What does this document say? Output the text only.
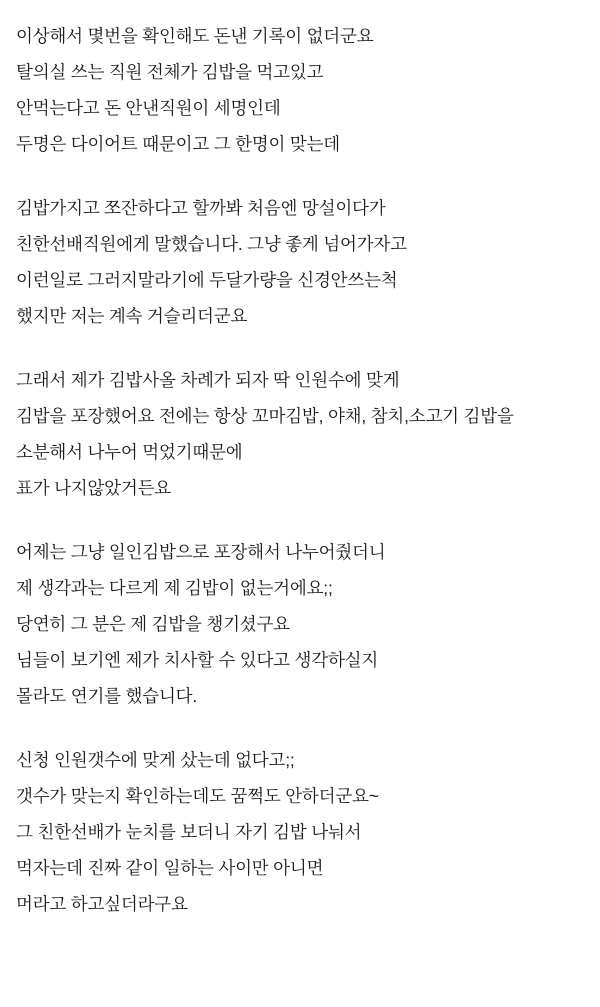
이상해서 몇번을 확인해도 돈낸 기록이 없더군요
탈의실 쓰는 직원 전체가 김밥을 먹고있고
안먹는다고 돈 안낸직원이 세명인데
두명은 다이어트 때문이고 그 한명이 맞는데
김밥가지고 쪼잔하다고 할까봐 처음엔 망설이다가
친한선배직원에게 말했습니다. 그냥 좋게 넘어가자고
이런일로 그러지말라기에 두달가량을 신경안쓰는척
했지만 저는 계속 거슬리더군요
그래서 제가 김밥사올 차례가 되자 딱 인원수에 맞게
김밥을 포장했어요 전에는 항상 꼬마김밥, 야채, 참치,소고기 김밥을
소분해서 나누어 먹었기때문에
표가 나지않았거든요
어제는 그냥 일인김밥으로 포장해서 나누어줬더니
제 생각과는 다르게 제 김밥이 없는거에요;;
당연히 그 분은 제 김밥을 챙기셨구요
님들이 보기엔 제가 치사할 수 있다고 생각하실지
몰라도 연기를 했습니다.
신청 인원갯수에 맞게 샀는데 없다고;;
갯수가 맞는지 확인하는데도 꿈쩍도 안하더군요~
그 친한선배가 눈치를 보더니 자기 김밥 나눠서
먹자는데 진짜 같이 일하는 사이만 아니면
머라고 하고싶더라구요
